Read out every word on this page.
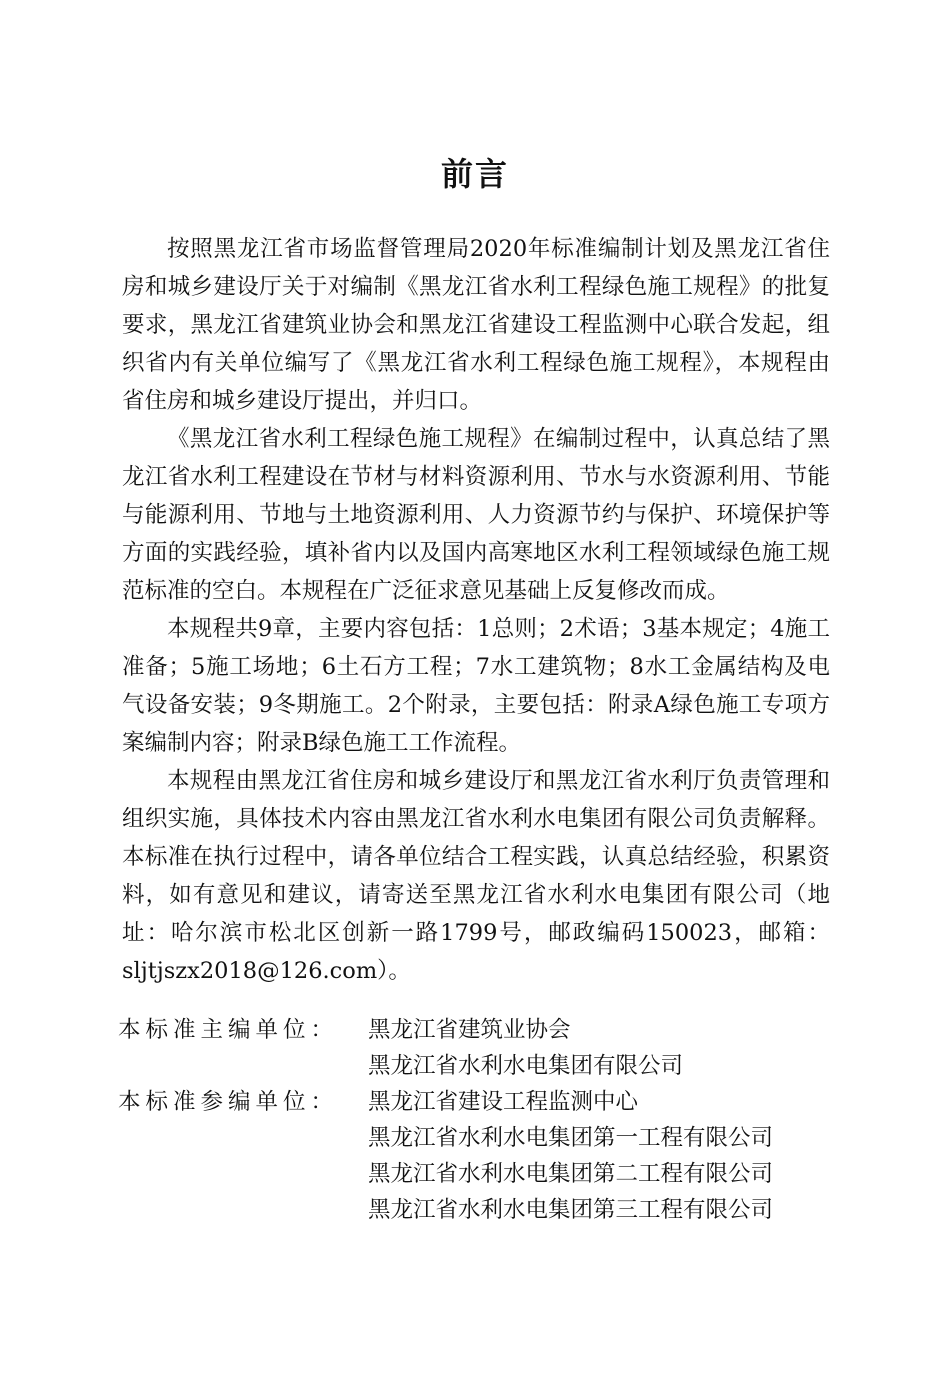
前言

按照黑龙江省市场监督管理局2020年标准编制计划及黑龙江省住房和城乡建设厅关于对编制《黑龙江省水利工程绿色施工规程》的批复要求，黑龙江省建筑业协会和黑龙江省建设工程监测中心联合发起，组织省内有关单位编写了《黑龙江省水利工程绿色施工规程》，本规程由省住房和城乡建设厅提出，并归口。

《黑龙江省水利工程绿色施工规程》在编制过程中，认真总结了黑龙江省水利工程建设在节材与材料资源利用、节水与水资源利用、节能与能源利用、节地与土地资源利用、人力资源节约与保护、环境保护等方面的实践经验，填补省内以及国内高寒地区水利工程领域绿色施工规范标准的空白。本规程在广泛征求意见基础上反复修改而成。

本规程共9章，主要内容包括：1总则；2术语；3基本规定；4施工准备；5施工场地；6土石方工程；7水工建筑物；8水工金属结构及电气设备安装；9冬期施工。2个附录，主要包括：附录A绿色施工专项方案编制内容；附录B绿色施工工作流程。

本规程由黑龙江省住房和城乡建设厅和黑龙江省水利厅负责管理和组织实施，具体技术内容由黑龙江省水利水电集团有限公司负责解释。本标准在执行过程中，请各单位结合工程实践，认真总结经验，积累资料，如有意见和建议，请寄送至黑龙江省水利水电集团有限公司（地址：哈尔滨市松北区创新一路1799号，邮政编码150023，邮箱：sljtjszx2018@126.com）。

本标准主编单位：	黑龙江省建筑业协会
黑龙江省水利水电集团有限公司
本标准参编单位：	黑龙江省建设工程监测中心
黑龙江省水利水电集团第一工程有限公司
黑龙江省水利水电集团第二工程有限公司
黑龙江省水利水电集团第三工程有限公司
